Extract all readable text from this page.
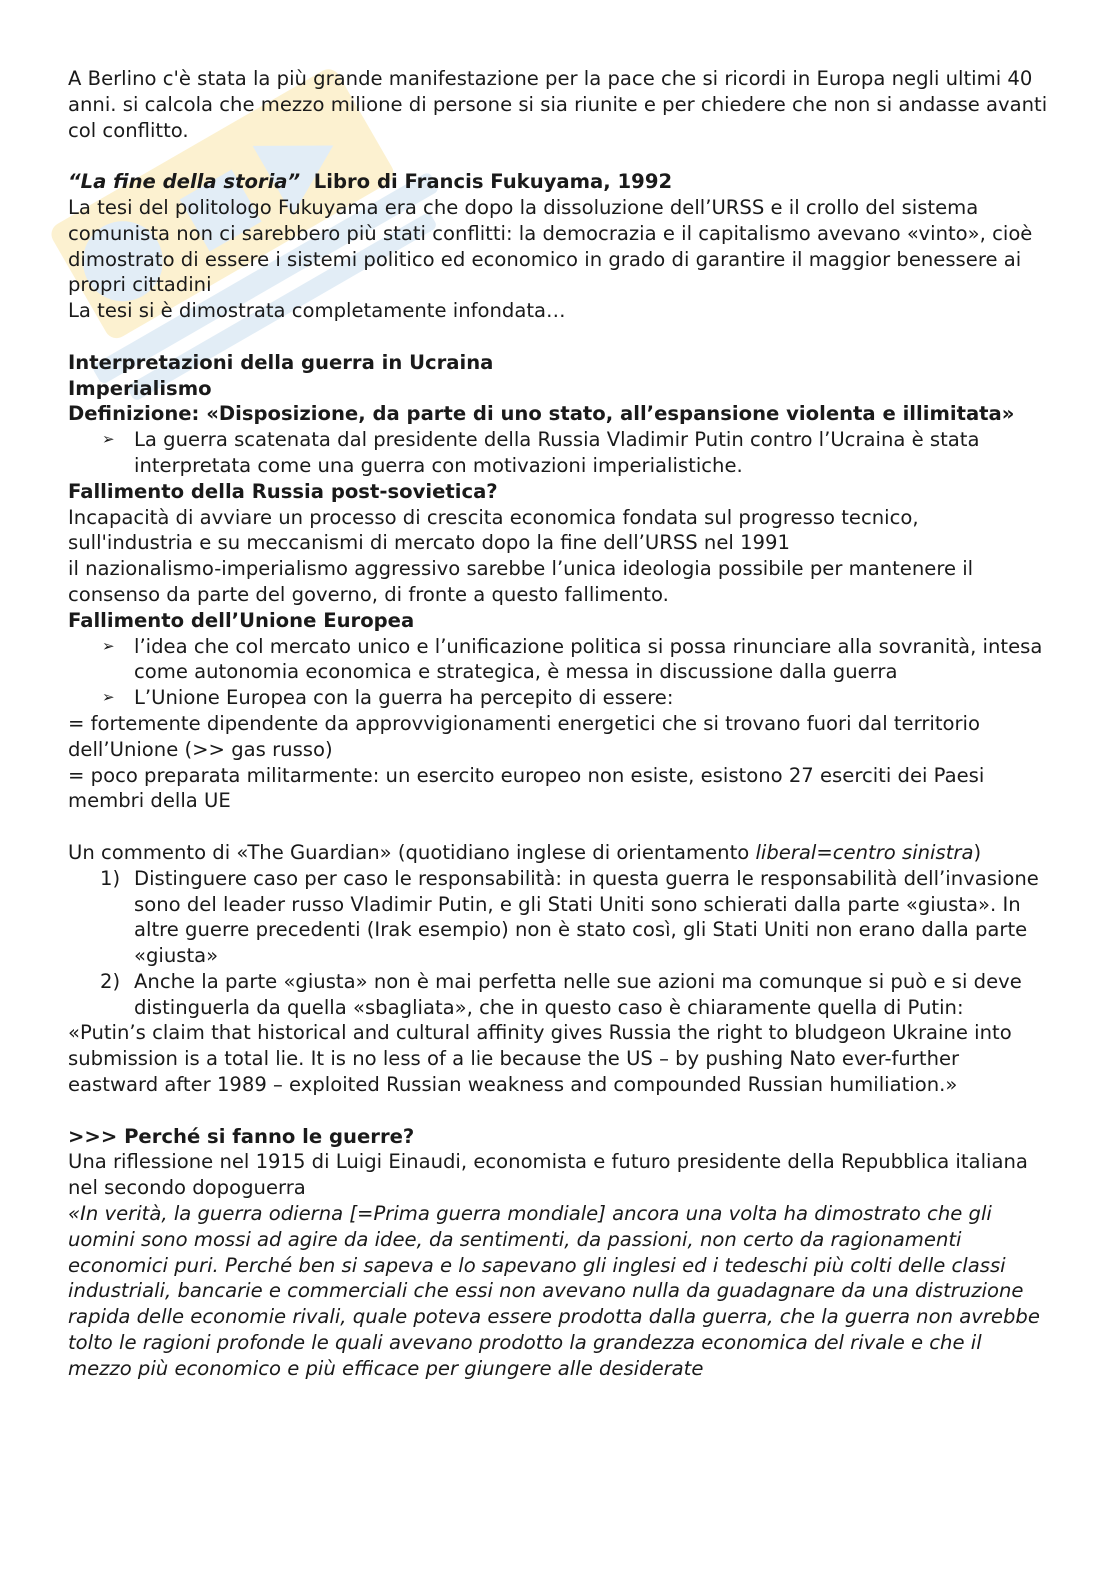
A Berlino c'è stata la più grande manifestazione per la pace che si ricordi in Europa negli ultimi 40 anni. si calcola che mezzo milione di persone si sia riunite e per chiedere che non si andasse avanti col conflitto.

“La fine della storia” Libro di Francis Fukuyama, 1992

La tesi del politologo Fukuyama era che dopo la dissoluzione dell’URSS e il crollo del sistema comunista non ci sarebbero più stati conflitti: la democrazia e il capitalismo avevano «vinto», cioè dimostrato di essere i sistemi politico ed economico in grado di garantire il maggior benessere ai propri cittadini

La tesi si è dimostrata completamente infondata…

Interpretazioni della guerra in Ucraina

Imperialismo

Definizione: «Disposizione, da parte di uno stato, all’espansione violenta e illimitata»

➢ La guerra scatenata dal presidente della Russia Vladimir Putin contro l’Ucraina è stata interpretata come una guerra con motivazioni imperialistiche.

Fallimento della Russia post-sovietica?

Incapacità di avviare un processo di crescita economica fondata sul progresso tecnico, sull'industria e su meccanismi di mercato dopo la fine dell’URSS nel 1991

il nazionalismo-imperialismo aggressivo sarebbe l’unica ideologia possibile per mantenere il consenso da parte del governo, di fronte a questo fallimento.

Fallimento dell’Unione Europea

➢ l’idea che col mercato unico e l’unificazione politica si possa rinunciare alla sovranità, intesa come autonomia economica e strategica, è messa in discussione dalla guerra
➢ L’Unione Europea con la guerra ha percepito di essere:

= fortemente dipendente da approvvigionamenti energetici che si trovano fuori dal territorio dell’Unione (>> gas russo)

= poco preparata militarmente: un esercito europeo non esiste, esistono 27 eserciti dei Paesi membri della UE

Un commento di «The Guardian» (quotidiano inglese di orientamento liberal=centro sinistra)

1) Distinguere caso per caso le responsabilità: in questa guerra le responsabilità dell’invasione sono del leader russo Vladimir Putin, e gli Stati Uniti sono schierati dalla parte «giusta». In altre guerre precedenti (Irak esempio) non è stato così, gli Stati Uniti non erano dalla parte «giusta»
2) Anche la parte «giusta» non è mai perfetta nelle sue azioni ma comunque si può e si deve distinguerla da quella «sbagliata», che in questo caso è chiaramente quella di Putin:

«Putin’s claim that historical and cultural affinity gives Russia the right to bludgeon Ukraine into submission is a total lie. It is no less of a lie because the US – by pushing Nato ever-further eastward after 1989 – exploited Russian weakness and compounded Russian humiliation.»

>>> Perché si fanno le guerre?

Una riflessione nel 1915 di Luigi Einaudi, economista e futuro presidente della Repubblica italiana nel secondo dopoguerra

«In verità, la guerra odierna [=Prima guerra mondiale] ancora una volta ha dimostrato che gli uomini sono mossi ad agire da idee, da sentimenti, da passioni, non certo da ragionamenti economici puri. Perché ben si sapeva e lo sapevano gli inglesi ed i tedeschi più colti delle classi industriali, bancarie e commerciali che essi non avevano nulla da guadagnare da una distruzione rapida delle economie rivali, quale poteva essere prodotta dalla guerra, che la guerra non avrebbe tolto le ragioni profonde le quali avevano prodotto la grandezza economica del rivale e che il mezzo più economico e più efficace per giungere alle desiderate
